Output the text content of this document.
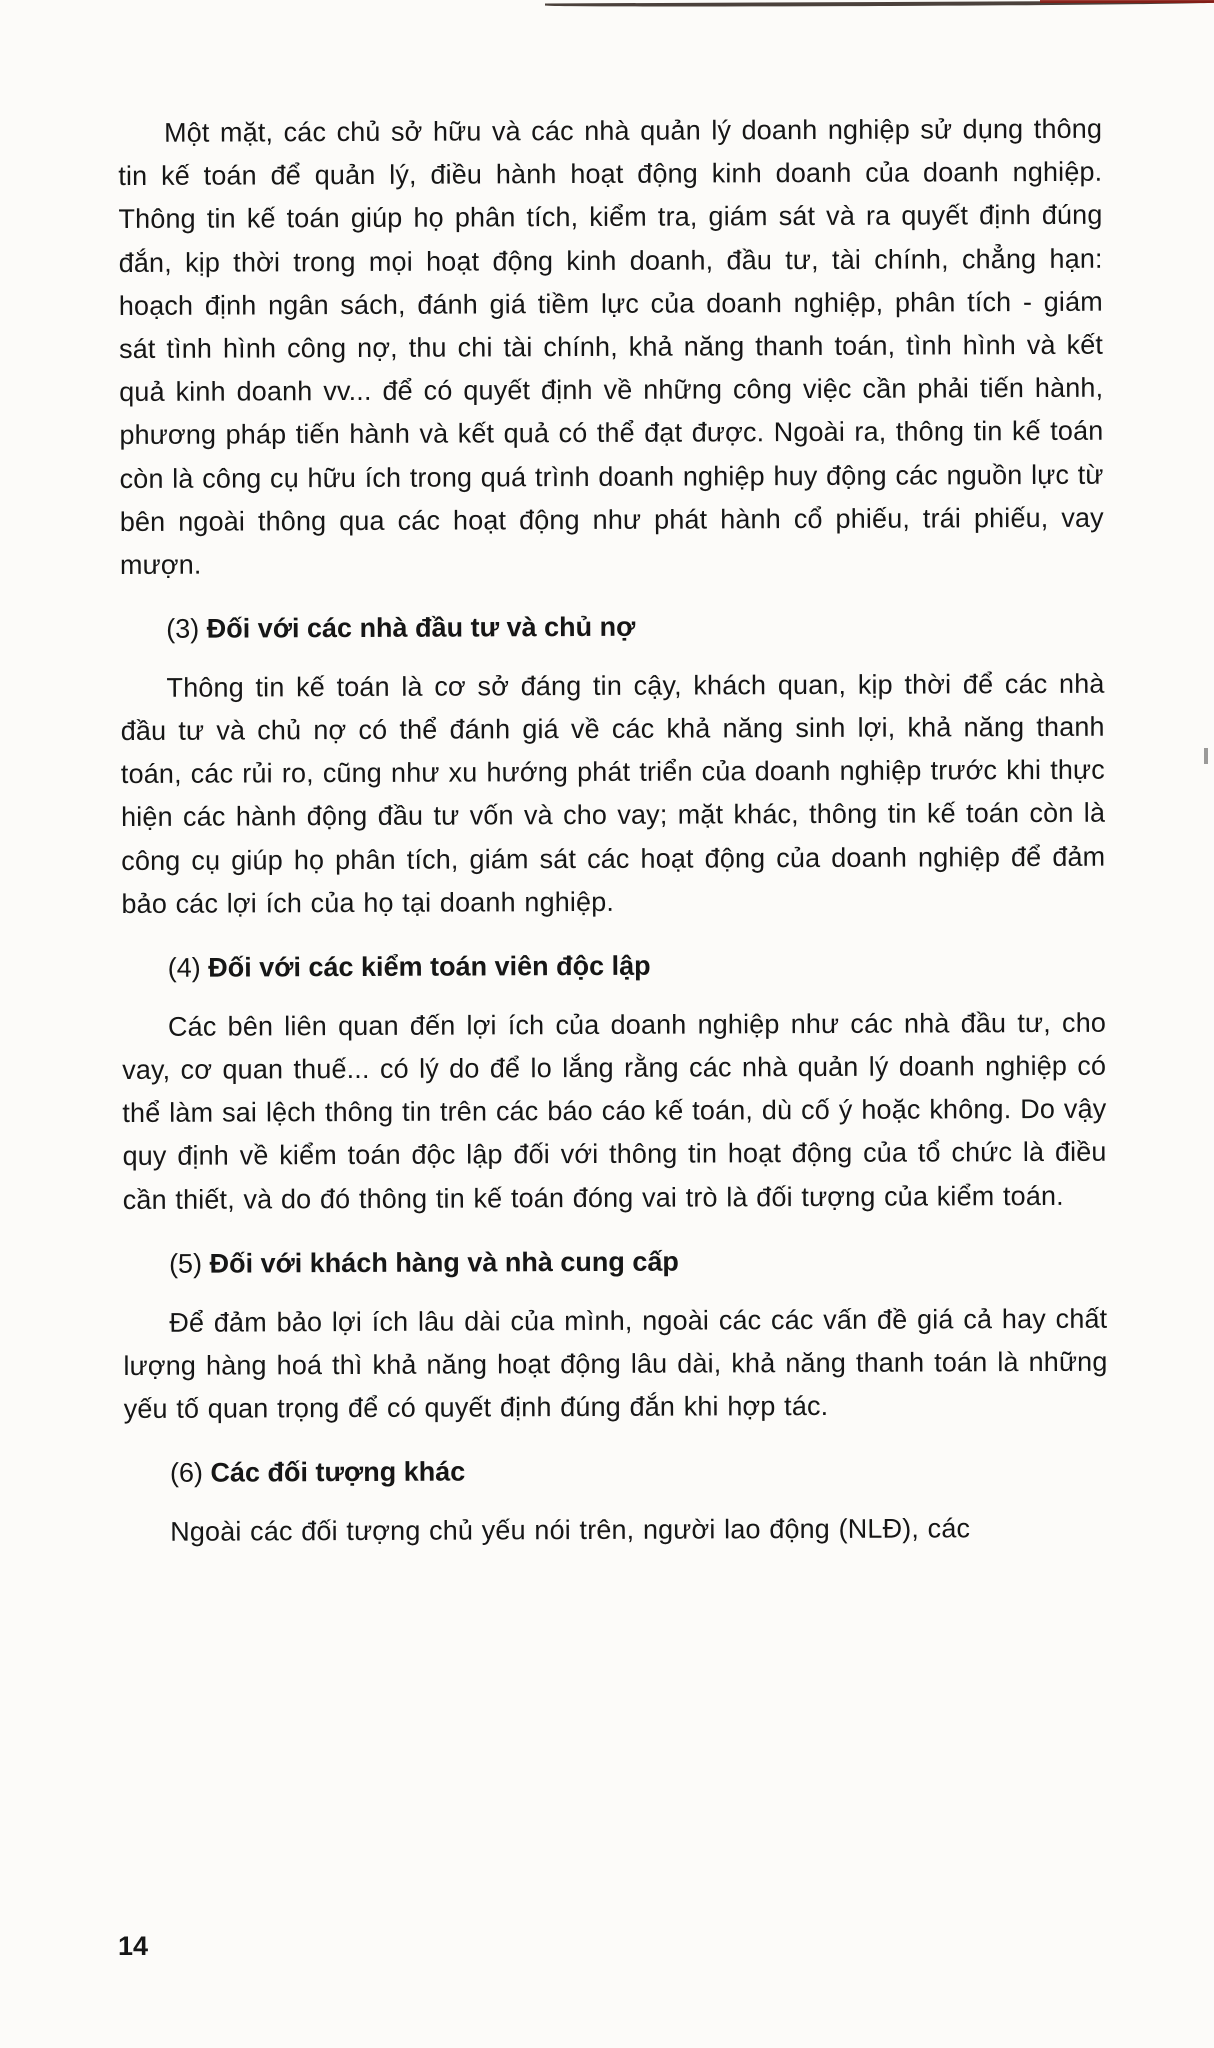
Một mặt, các chủ sở hữu và các nhà quản lý doanh nghiệp sử dụng thông tin kế toán để quản lý, điều hành hoạt động kinh doanh của doanh nghiệp. Thông tin kế toán giúp họ phân tích, kiểm tra, giám sát và ra quyết định đúng đắn, kịp thời trong mọi hoạt động kinh doanh, đầu tư, tài chính, chẳng hạn: hoạch định ngân sách, đánh giá tiềm lực của doanh nghiệp, phân tích - giám sát tình hình công nợ, thu chi tài chính, khả năng thanh toán, tình hình và kết quả kinh doanh vv... để có quyết định về những công việc cần phải tiến hành, phương pháp tiến hành và kết quả có thể đạt được. Ngoài ra, thông tin kế toán còn là công cụ hữu ích trong quá trình doanh nghiệp huy động các nguồn lực từ bên ngoài thông qua các hoạt động như phát hành cổ phiếu, trái phiếu, vay mượn.

(3) Đối với các nhà đầu tư và chủ nợ

Thông tin kế toán là cơ sở đáng tin cậy, khách quan, kịp thời để các nhà đầu tư và chủ nợ có thể đánh giá về các khả năng sinh lợi, khả năng thanh toán, các rủi ro, cũng như xu hướng phát triển của doanh nghiệp trước khi thực hiện các hành động đầu tư vốn và cho vay; mặt khác, thông tin kế toán còn là công cụ giúp họ phân tích, giám sát các hoạt động của doanh nghiệp để đảm bảo các lợi ích của họ tại doanh nghiệp.

(4) Đối với các kiểm toán viên độc lập

Các bên liên quan đến lợi ích của doanh nghiệp như các nhà đầu tư, cho vay, cơ quan thuế... có lý do để lo lắng rằng các nhà quản lý doanh nghiệp có thể làm sai lệch thông tin trên các báo cáo kế toán, dù cố ý hoặc không. Do vậy quy định về kiểm toán độc lập đối với thông tin hoạt động của tổ chức là điều cần thiết, và do đó thông tin kế toán đóng vai trò là đối tượng của kiểm toán.

(5) Đối với khách hàng và nhà cung cấp

Để đảm bảo lợi ích lâu dài của mình, ngoài các các vấn đề giá cả hay chất lượng hàng hoá thì khả năng hoạt động lâu dài, khả năng thanh toán là những yếu tố quan trọng để có quyết định đúng đắn khi hợp tác.

(6) Các đối tượng khác

Ngoài các đối tượng chủ yếu nói trên, người lao động (NLĐ), các

14
